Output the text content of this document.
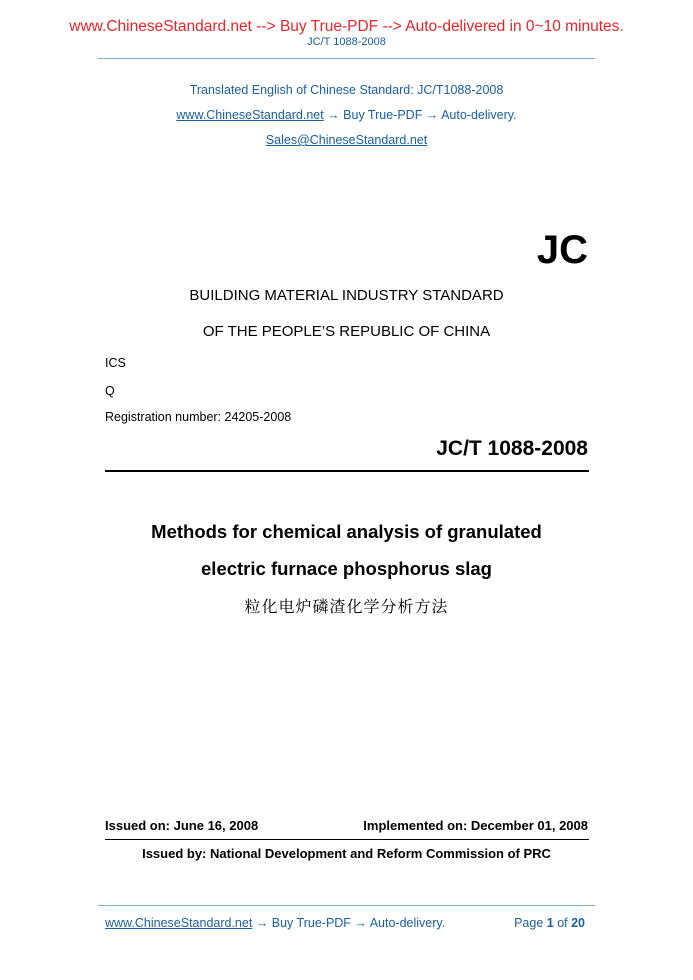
www.ChineseStandard.net --> Buy True-PDF --> Auto-delivered in 0~10 minutes.
JC/T 1088-2008
Translated English of Chinese Standard: JC/T1088-2008
www.ChineseStandard.net → Buy True-PDF → Auto-delivery.
Sales@ChineseStandard.net
JC
BUILDING MATERIAL INDUSTRY STANDARD
OF THE PEOPLE’S REPUBLIC OF CHINA
ICS
Q
Registration number: 24205-2008
JC/T 1088-2008
Methods for chemical analysis of granulated
electric furnace phosphorus slag
粒化电炉磷渣化学分析方法
Issued on: June 16, 2008	Implemented on: December 01, 2008
Issued by: National Development and Reform Commission of PRC
www.ChineseStandard.net → Buy True-PDF → Auto-delivery.	Page 1 of 20
